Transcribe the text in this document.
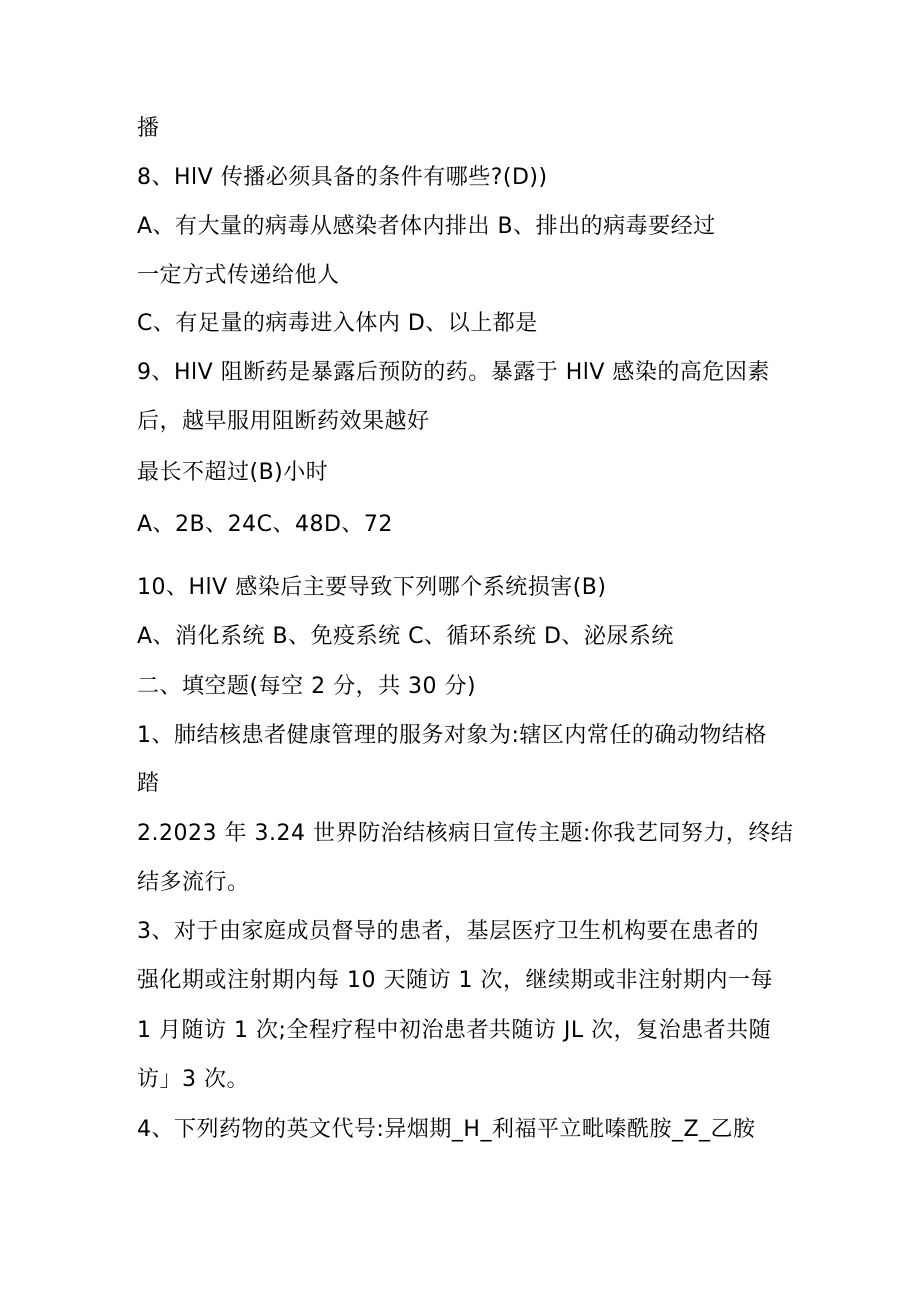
播
8、HlV 传播必须具备的条件有哪些?(D))
A、有大量的病毒从感染者体内排出 B、排出的病毒要经过
一定方式传递给他人
C、有足量的病毒进入体内 D、以上都是
9、HlV 阻断药是暴露后预防的药。暴露于 HlV 感染的高危因素
后，越早服用阻断药效果越好
最长不超过(B)小时
A、2B、24C、48D、72
10、HlV 感染后主要导致下列哪个系统损害(B)
A、消化系统 B、免疫系统 C、循环系统 D、泌尿系统
二、填空题(每空 2 分，共 30 分)
1、肺结核患者健康管理的服务对象为:辖区内常任的确动物结格
踏
2.2023 年 3.24 世界防治结核病日宣传主题:你我艺同努力，终结
结多流行。
3、对于由家庭成员督导的患者，基层医疗卫生机构要在患者的
强化期或注射期内每 10 天随访 1 次，继续期或非注射期内一每
1 月随访 1 次;全程疗程中初治患者共随访 JL 次，复治患者共随
访」3 次。
4、下列药物的英文代号:异烟期_H_利福平立毗嗪酰胺_Z_乙胺
